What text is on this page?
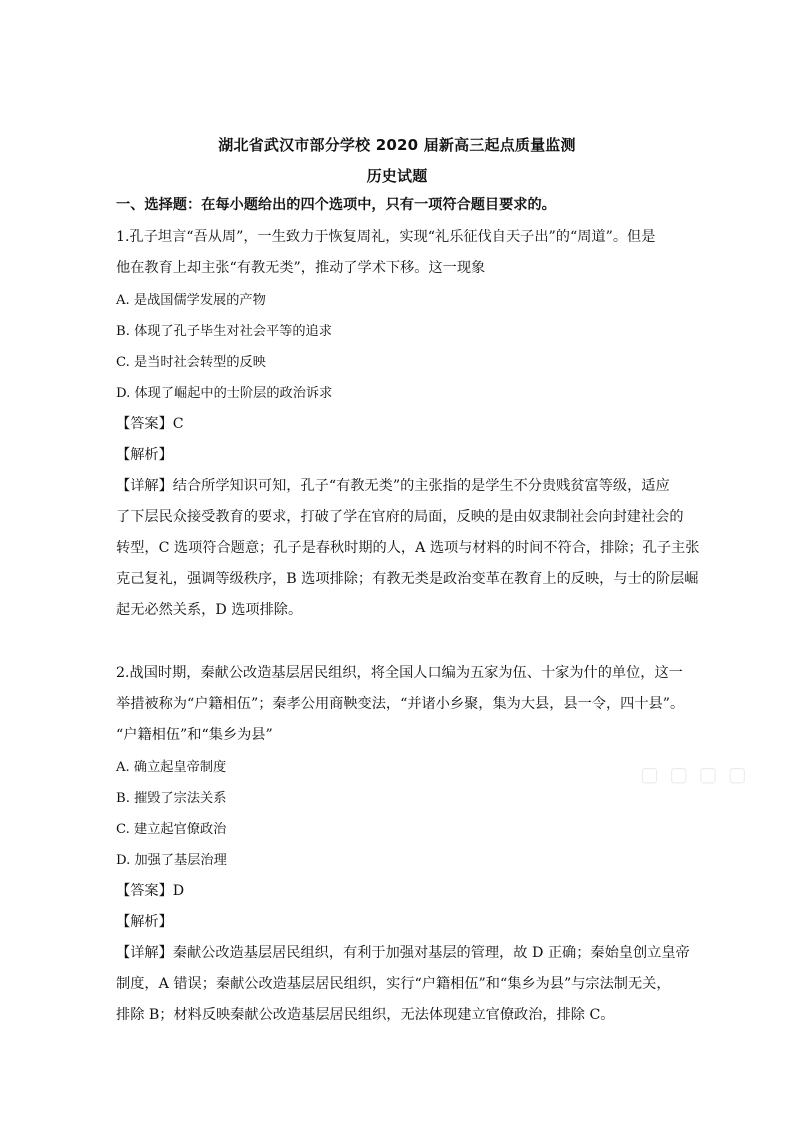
湖北省武汉市部分学校 2020 届新高三起点质量监测
历史试题
一、选择题：在每小题给出的四个选项中，只有一项符合题目要求的。
1.孔子坦言“吾从周”，一生致力于恢复周礼，实现“礼乐征伐自天子出”的“周道”。但是
他在教育上却主张“有教无类”，推动了学术下移。这一现象
A. 是战国儒学发展的产物
B. 体现了孔子毕生对社会平等的追求
C. 是当时社会转型的反映
D. 体现了崛起中的士阶层的政治诉求
【答案】C
【解析】
【详解】结合所学知识可知，孔子“有教无类”的主张指的是学生不分贵贱贫富等级，适应
了下层民众接受教育的要求，打破了学在官府的局面，反映的是由奴隶制社会向封建社会的
转型，C 选项符合题意；孔子是春秋时期的人，A 选项与材料的时间不符合，排除；孔子主张
克己复礼，强调等级秩序，B 选项排除；有教无类是政治变革在教育上的反映，与士的阶层崛
起无必然关系，D 选项排除。
2.战国时期，秦献公改造基层居民组织，将全国人口编为五家为伍、十家为什的单位，这一
举措被称为“户籍相伍”；秦孝公用商鞅变法，“并诸小乡聚，集为大县，县一令，四十县”。
“户籍相伍”和“集乡为县”
A. 确立起皇帝制度
B. 摧毁了宗法关系
C. 建立起官僚政治
D. 加强了基层治理
【答案】D
【解析】
【详解】秦献公改造基层居民组织，有利于加强对基层的管理，故 D 正确；秦始皇创立皇帝
制度，A 错误；秦献公改造基层居民组织，实行“户籍相伍”和“集乡为县”与宗法制无关，
排除 B；材料反映秦献公改造基层居民组织，无法体现建立官僚政治，排除 C。
▢ ▢ ▢ ▢
